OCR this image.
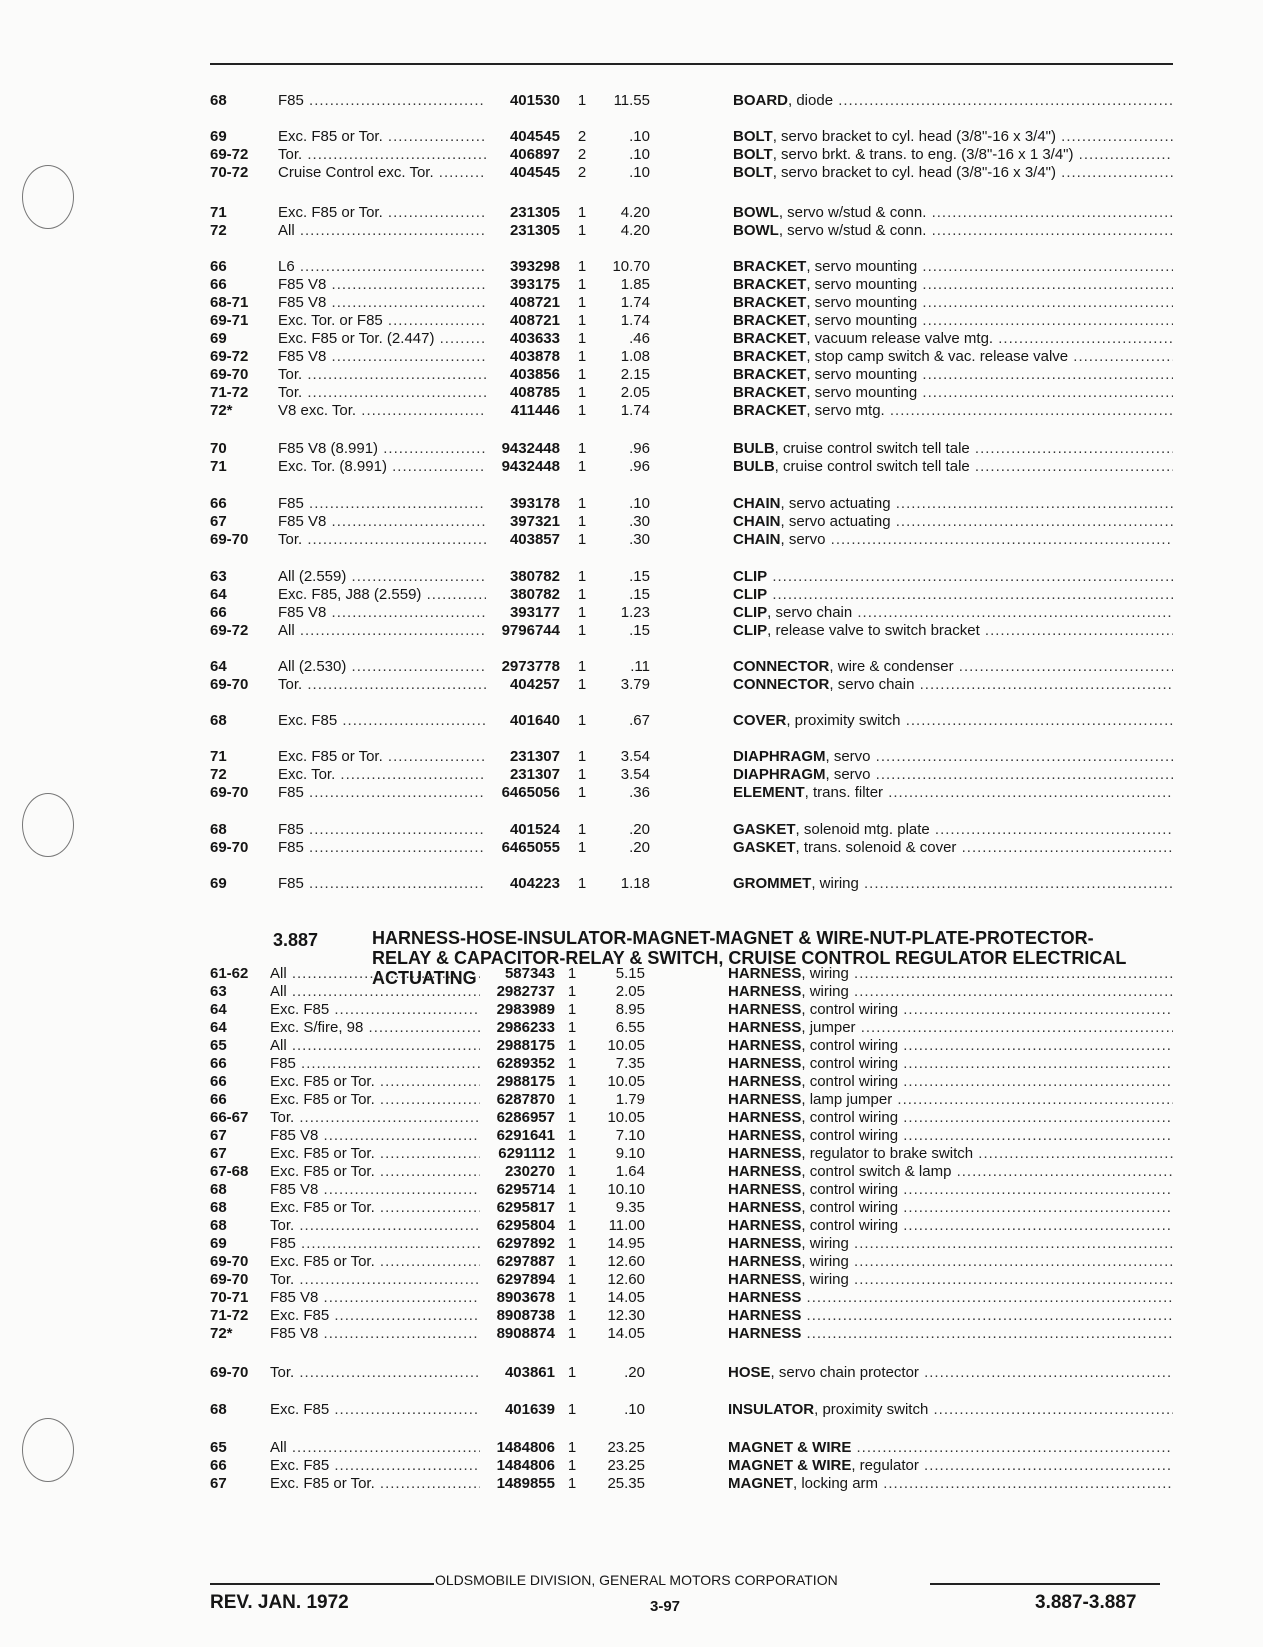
68	F85 .....	401530	1	11.55	BOARD, diode .....
69	Exc. F85 or Tor. .....	404545	2	.10	BOLT, servo bracket to cyl. head (3/8"-16 x 3/4") .....
69-72	Tor. .....	406897	2	.10	BOLT, servo brkt. & trans. to eng. (3/8"-16 x 1 3/4") .....
70-72	Cruise Control exc. Tor. .....	404545	2	.10	BOLT, servo bracket to cyl. head (3/8"-16 x 3/4") .....
71	Exc. F85 or Tor. .....	231305	1	4.20	BOWL, servo w/stud & conn. .....
72	All .....	231305	1	4.20	BOWL, servo w/stud & conn. .....
66	L6 .....	393298	1	10.70	BRACKET, servo mounting .....
66	F85 V8 .....	393175	1	1.85	BRACKET, servo mounting .....
68-71	F85 V8 .....	408721	1	1.74	BRACKET, servo mounting .....
69-71	Exc. Tor. or F85 .....	408721	1	1.74	BRACKET, servo mounting .....
69	Exc. F85 or Tor. (2.447) .....	403633	1	.46	BRACKET, vacuum release valve mtg. .....
69-72	F85 V8 .....	403878	1	1.08	BRACKET, stop camp switch & vac. release valve .....
69-70	Tor. .....	403856	1	2.15	BRACKET, servo mounting .....
71-72	Tor. .....	408785	1	2.05	BRACKET, servo mounting .....
72*	V8 exc. Tor. .....	411446	1	1.74	BRACKET, servo mtg. .....
70	F85 V8 (8.991) .....	9432448	1	.96	BULB, cruise control switch tell tale .....
71	Exc. Tor. (8.991) .....	9432448	1	.96	BULB, cruise control switch tell tale .....
66	F85 .....	393178	1	.10	CHAIN, servo actuating .....
67	F85 V8 .....	397321	1	.30	CHAIN, servo actuating .....
69-70	Tor. .....	403857	1	.30	CHAIN, servo .....
63	All (2.559) .....	380782	1	.15	CLIP .....
64	Exc. F85, J88 (2.559) .....	380782	1	.15	CLIP .....
66	F85 V8 .....	393177	1	1.23	CLIP, servo chain .....
69-72	All .....	9796744	1	.15	CLIP, release valve to switch bracket .....
64	All (2.530) .....	2973778	1	.11	CONNECTOR, wire & condenser .....
69-70	Tor. .....	404257	1	3.79	CONNECTOR, servo chain .....
68	Exc. F85 .....	401640	1	.67	COVER, proximity switch .....
71	Exc. F85 or Tor. .....	231307	1	3.54	DIAPHRAGM, servo .....
72	Exc. Tor. .....	231307	1	3.54	DIAPHRAGM, servo .....
69-70	F85 .....	6465056	1	.36	ELEMENT, trans. filter .....
68	F85 .....	401524	1	.20	GASKET, solenoid mtg. plate .....
69-70	F85 .....	6465055	1	.20	GASKET, trans. solenoid & cover .....
69	F85 .....	404223	1	1.18	GROMMET, wiring .....
3.887	HARNESS-HOSE-INSULATOR-MAGNET-MAGNET & WIRE-NUT-PLATE-PROTECTOR-RELAY & CAPACITOR-RELAY & SWITCH, CRUISE CONTROL REGULATOR ELECTRICAL ACTUATING
61-62	All .....	587343 1	5.15	HARNESS, wiring .....
63	All .....	2982737 1	2.05	HARNESS, wiring .....
64	Exc. F85 .....	2983989 1	8.95	HARNESS, control wiring .....
64	Exc. S/fire, 98 .....	2986233 1	6.55	HARNESS, jumper .....
65	All .....	2988175 1	10.05	HARNESS, control wiring .....
66	F85 .....	6289352 1	7.35	HARNESS, control wiring .....
66	Exc. F85 or Tor. .....	2988175 1	10.05	HARNESS, control wiring .....
66	Exc. F85 or Tor. .....	6287870 1	1.79	HARNESS, lamp jumper .....
66-67	Tor. .....	6286957 1	10.05	HARNESS, control wiring .....
67	F85 V8 .....	6291641 1	7.10	HARNESS, control wiring .....
67	Exc. F85 or Tor. .....	6291112 1	9.10	HARNESS, regulator to brake switch .....
67-68	Exc. F85 or Tor. .....	230270 1	1.64	HARNESS, control switch & lamp .....
68	F85 V8 .....	6295714 1	10.10	HARNESS, control wiring .....
68	Exc. F85 or Tor. .....	6295817 1	9.35	HARNESS, control wiring .....
68	Tor. .....	6295804 1	11.00	HARNESS, control wiring .....
69	F85 .....	6297892 1	14.95	HARNESS, wiring .....
69-70	Exc. F85 or Tor. .....	6297887 1	12.60	HARNESS, wiring .....
69-70	Tor. .....	6297894 1	12.60	HARNESS, wiring .....
70-71	F85 V8 .....	8903678 1	14.05	HARNESS .....
71-72	Exc. F85 .....	8908738 1	12.30	HARNESS .....
72*	F85 V8 .....	8908874 1	14.05	HARNESS .....
69-70	Tor. .....	403861 1	.20	HOSE, servo chain protector .....
68	Exc. F85 .....	401639 1	.10	INSULATOR, proximity switch .....
65	All .....	1484806 1	23.25	MAGNET & WIRE .....
66	Exc. F85 .....	1484806 1	23.25	MAGNET & WIRE, regulator .....
67	Exc. F85 or Tor. .....	1489855 1	25.35	MAGNET, locking arm .....
OLDSMOBILE DIVISION, GENERAL MOTORS CORPORATION
REV. JAN. 1972	3-97	3.887-3.887
